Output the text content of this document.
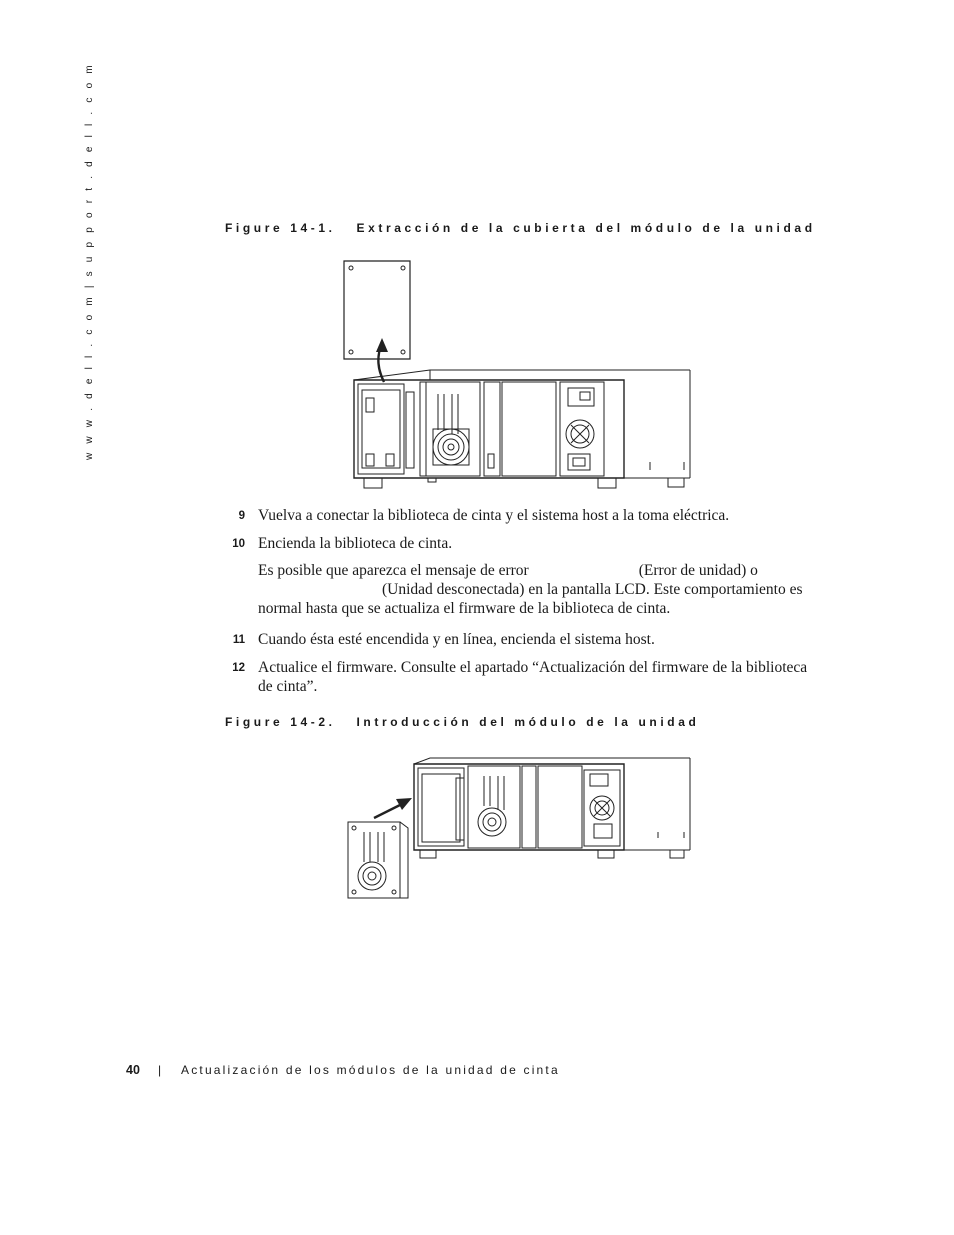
w w w . d e l l . c o m | s u p p o r t . d e l l . c o m	Figure 14-1. Extracción de la cubierta del módulo de la unidad
9 Vuelva a conectar la biblioteca de cinta y el sistema host a la toma eléctrica.
10 Encienda la biblioteca de cinta.
Es posible que aparezca el mensaje de error	(Error de unidad) o
(Unidad desconectada) en la pantalla LCD. Este comportamiento es normal hasta que se actualiza el firmware de la biblioteca de cinta.
11 Cuando ésta esté encendida y en línea, encienda el sistema host.
12 Actualice el firmware. Consulte el apartado “Actualización del firmware de la biblioteca de cinta”.
Figure 14-2. Introducción del módulo de la unidad
40 | Actualización de los módulos de la unidad de cinta
